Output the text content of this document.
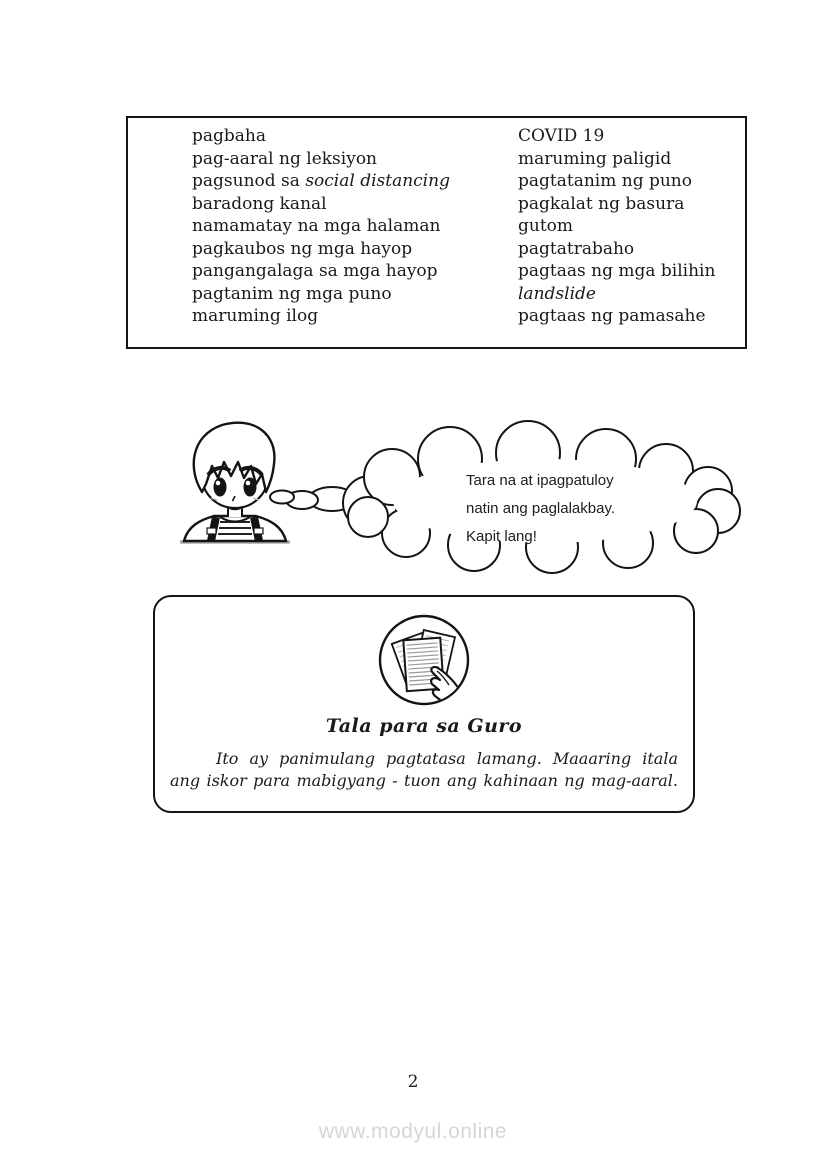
pagbaha
pag-aaral ng leksiyon
pagsunod sa social distancing
baradong kanal
namamatay na mga halaman
pagkaubos ng mga hayop
pangangalaga sa mga hayop
pagtanim ng mga puno
maruming ilog
COVID 19
maruming paligid
pagtatanim ng puno
pagkalat ng basura
gutom
pagtatrabaho
pagtaas ng mga bilihin
landslide
pagtaas ng pamasahe
Tara na at ipagpatuloy
natin ang paglalakbay.
Kapit lang!
Tala para sa Guro
Ito ay panimulang pagtatasa lamang. Maaaring itala
ang iskor para mabigyang - tuon ang kahinaan ng mag-aaral.
2
www.modyul.online
